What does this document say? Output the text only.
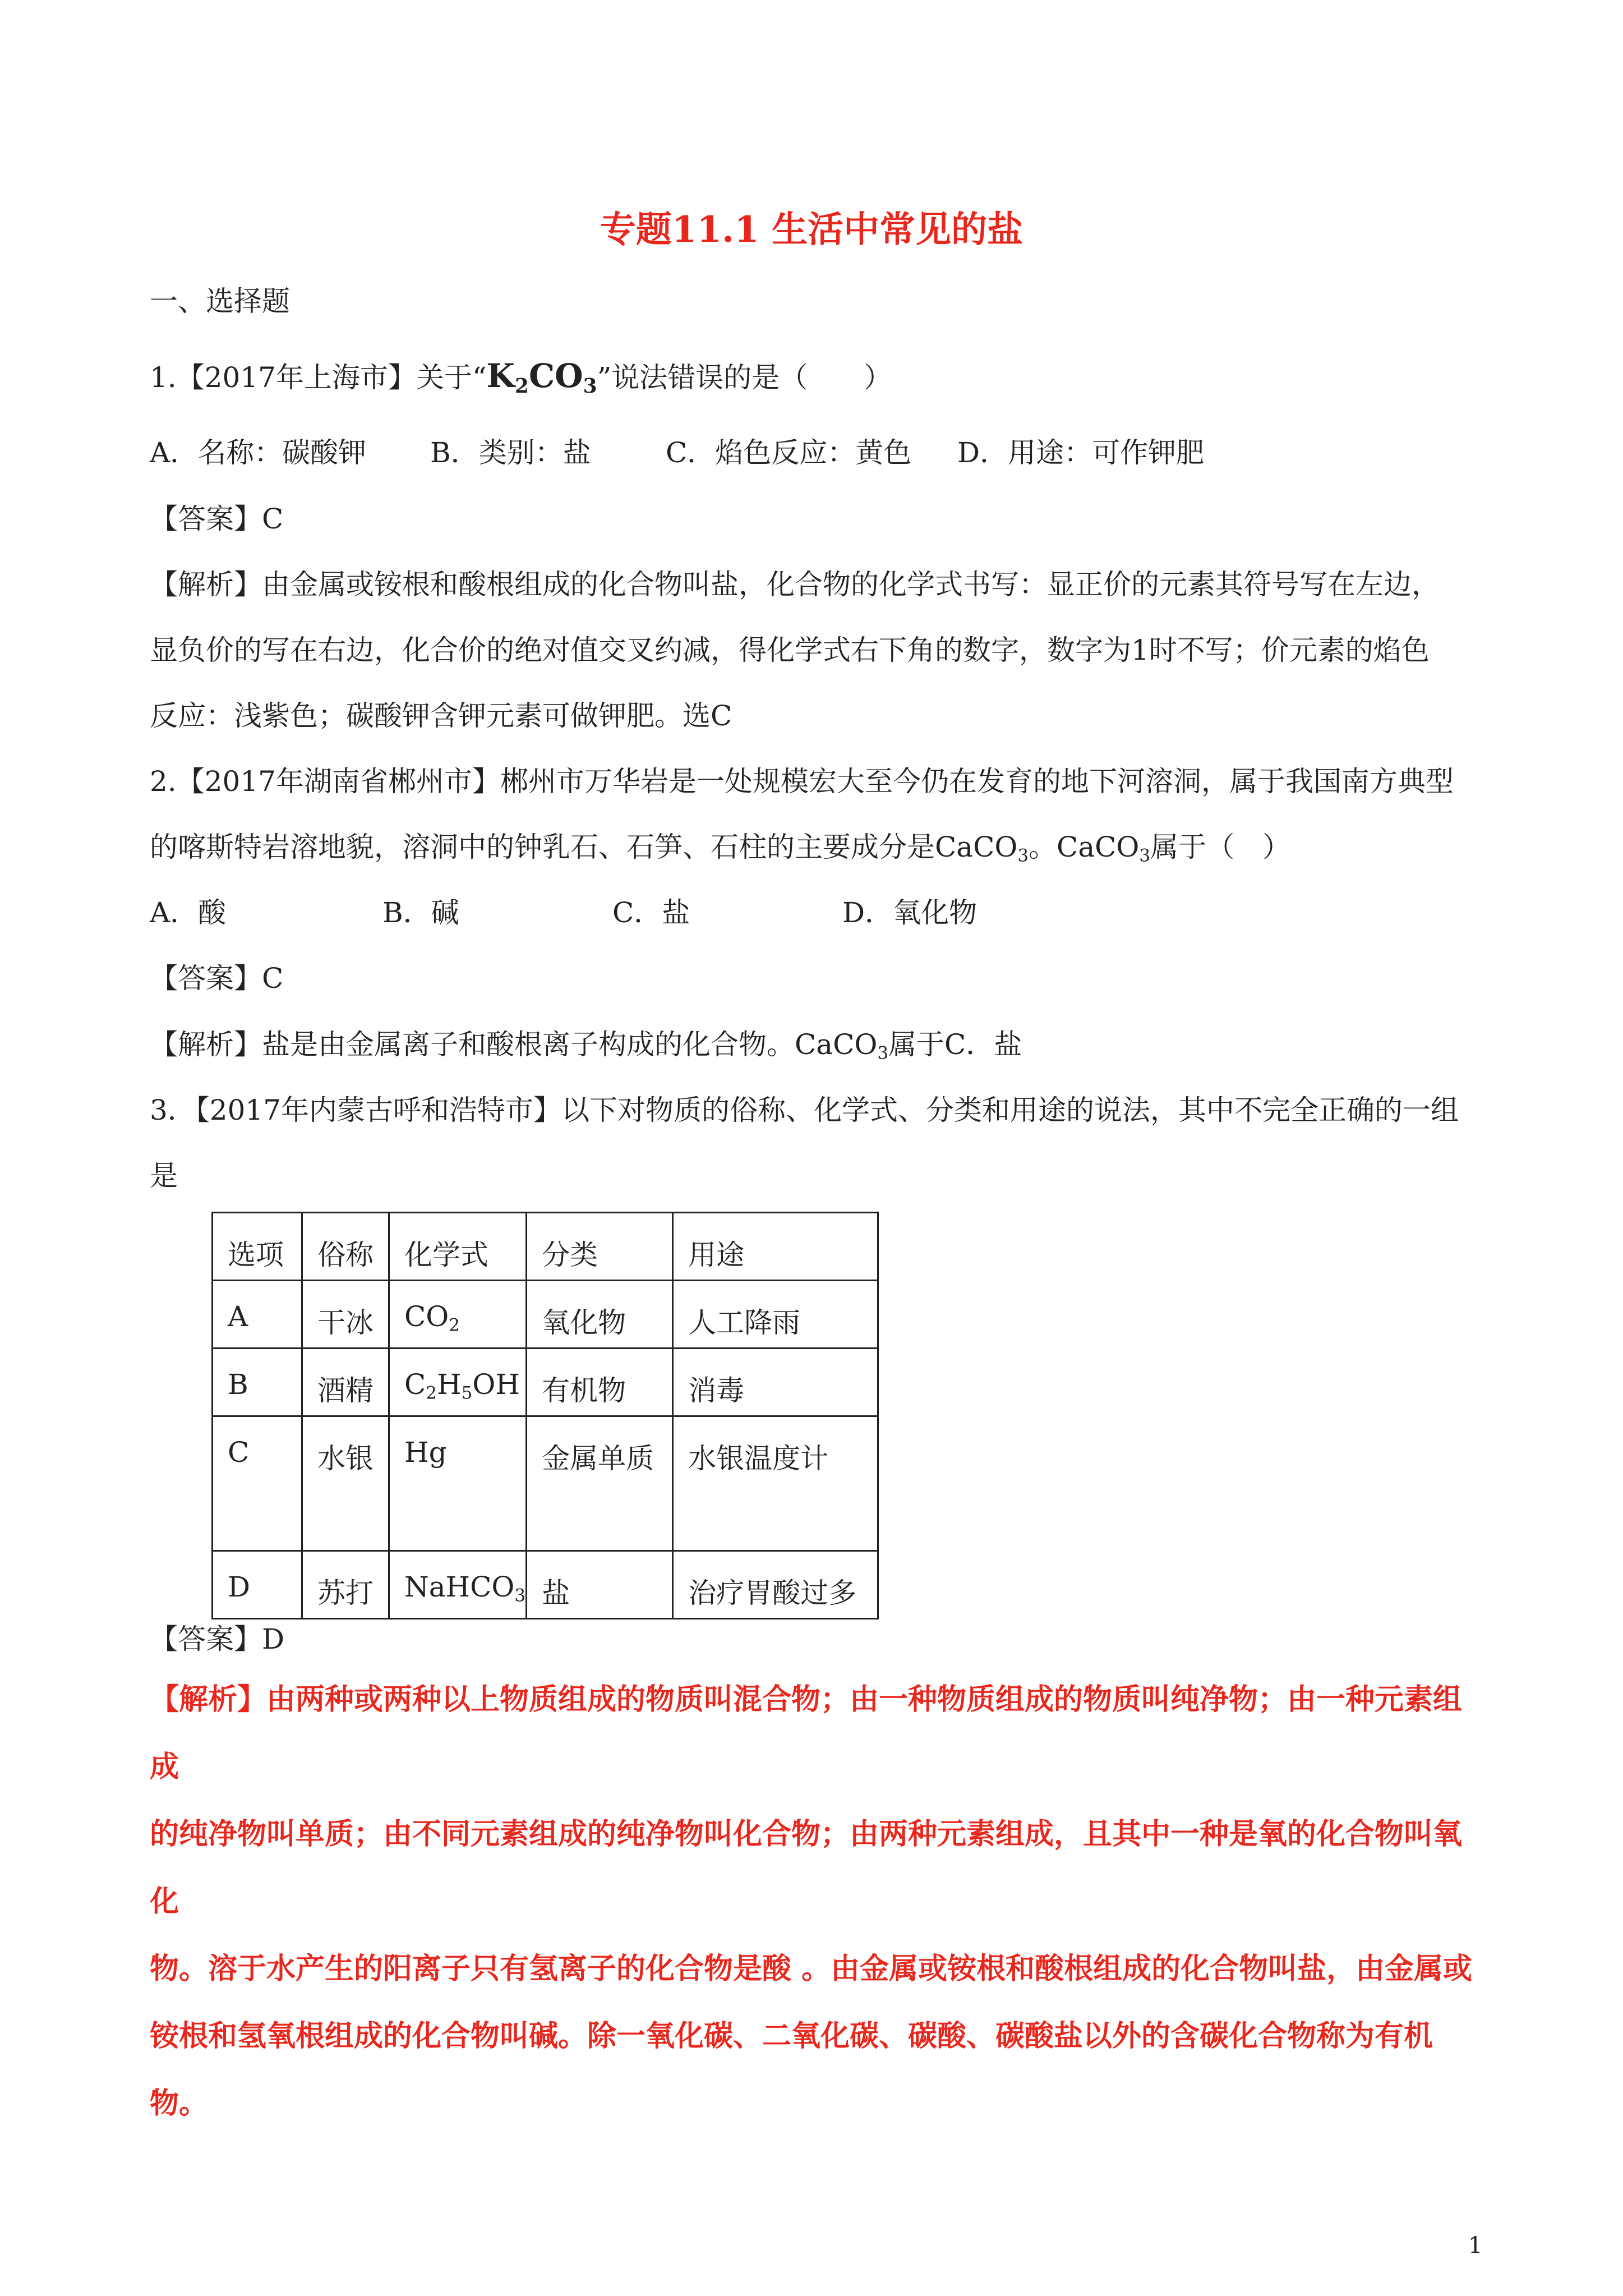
专题11.1 生活中常见的盐
一、选择题
1.【2017年上海市】关于“$K_2CO_3$”说法错误的是（　　）
A．名称：碳酸钾 B．类别：盐	C．焰色反应：黄色 D．用途：可作钾肥
【答案】C
【解析】由金属或铵根和酸根组成的化合物叫盐，化合物的化学式书写：显正价的元素其符号写在左边，
显负价的写在右边，化合价的绝对值交叉约减，得化学式右下角的数字，数字为1时不写；价元素的焰色
反应：浅紫色；碳酸钾含钾元素可做钾肥。选C
2.【2017年湖南省郴州市】郴州市万华岩是一处规模宏大至今仍在发育的地下河溶洞，属于我国南方典型
的喀斯特岩溶地貌，溶洞中的钟乳石、石笋、石柱的主要成分是CaCO$_3$。CaCO$_3$属于（　）
A．酸	B．碱	C．盐	D．氧化物
【答案】C
【解析】盐是由金属离子和酸根离子构成的化合物。CaCO$_3$属于C．盐
3．【2017年内蒙古呼和浩特市】以下对物质的俗称、化学式、分类和用途的说法，其中不完全正确的一组
是
选项	俗称	化学式	分类	用途
A	干冰	$CO_2$	氧化物	人工降雨
B	酒精	$C_2H_5OH$	有机物	消毒
C	水银	Hg	金属单质	水银温度计
D	苏打	NaHCO$_3$	盐	治疗胃酸过多
【答案】D
【解析】由两种或两种以上物质组成的物质叫混合物；由一种物质组成的物质叫纯净物；由一种元素组成
的纯净物叫单质；由不同元素组成的纯净物叫化合物；由两种元素组成，且其中一种是氧的化合物叫氧化
物。溶于水产生的阳离子只有氢离子的化合物是酸 。由金属或铵根和酸根组成的化合物叫盐，由金属或
铵根和氢氧根组成的化合物叫碱。除一氧化碳、二氧化碳、碳酸、碳酸盐以外的含碳化合物称为有机物。
1
